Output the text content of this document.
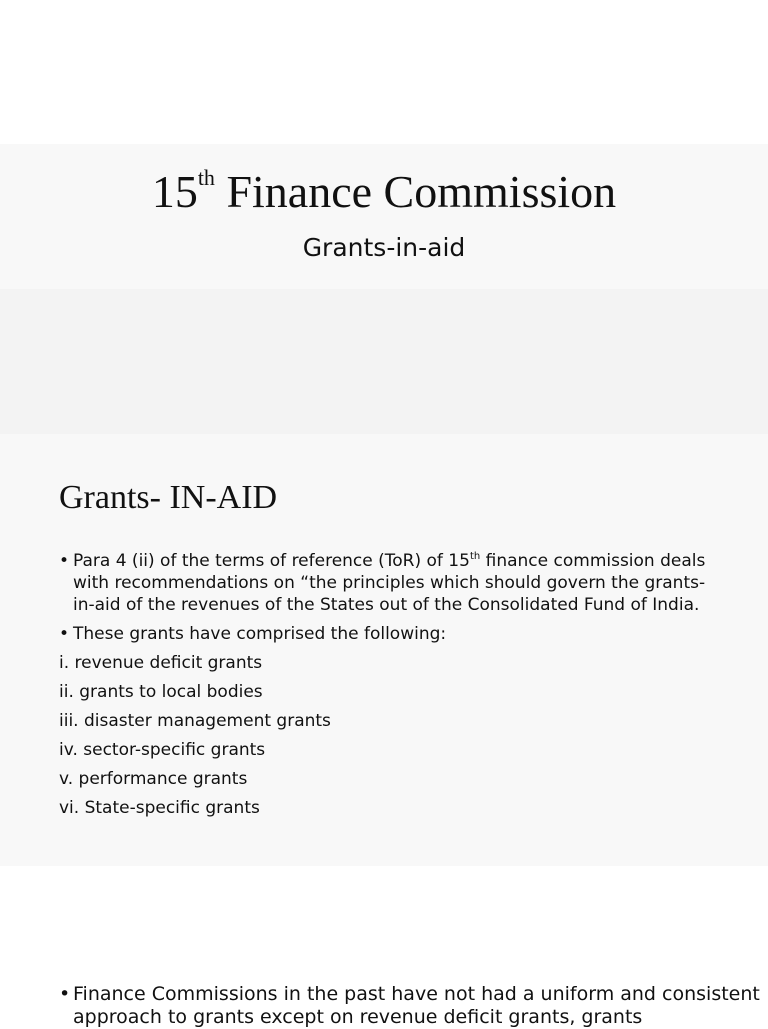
15th Finance Commission
Grants-in-aid
Grants- IN-AID
• Para 4 (ii) of the terms of reference (ToR) of 15th finance commission deals with recommendations on “the principles which should govern the grants-in-aid of the revenues of the States out of the Consolidated Fund of India.
• These grants have comprised the following:
i. revenue deficit grants
ii. grants to local bodies
iii. disaster management grants
iv. sector-specific grants
v. performance grants
vi. State-specific grants
• Finance Commissions in the past have not had a uniform and consistent approach to grants except on revenue deficit grants, grants
